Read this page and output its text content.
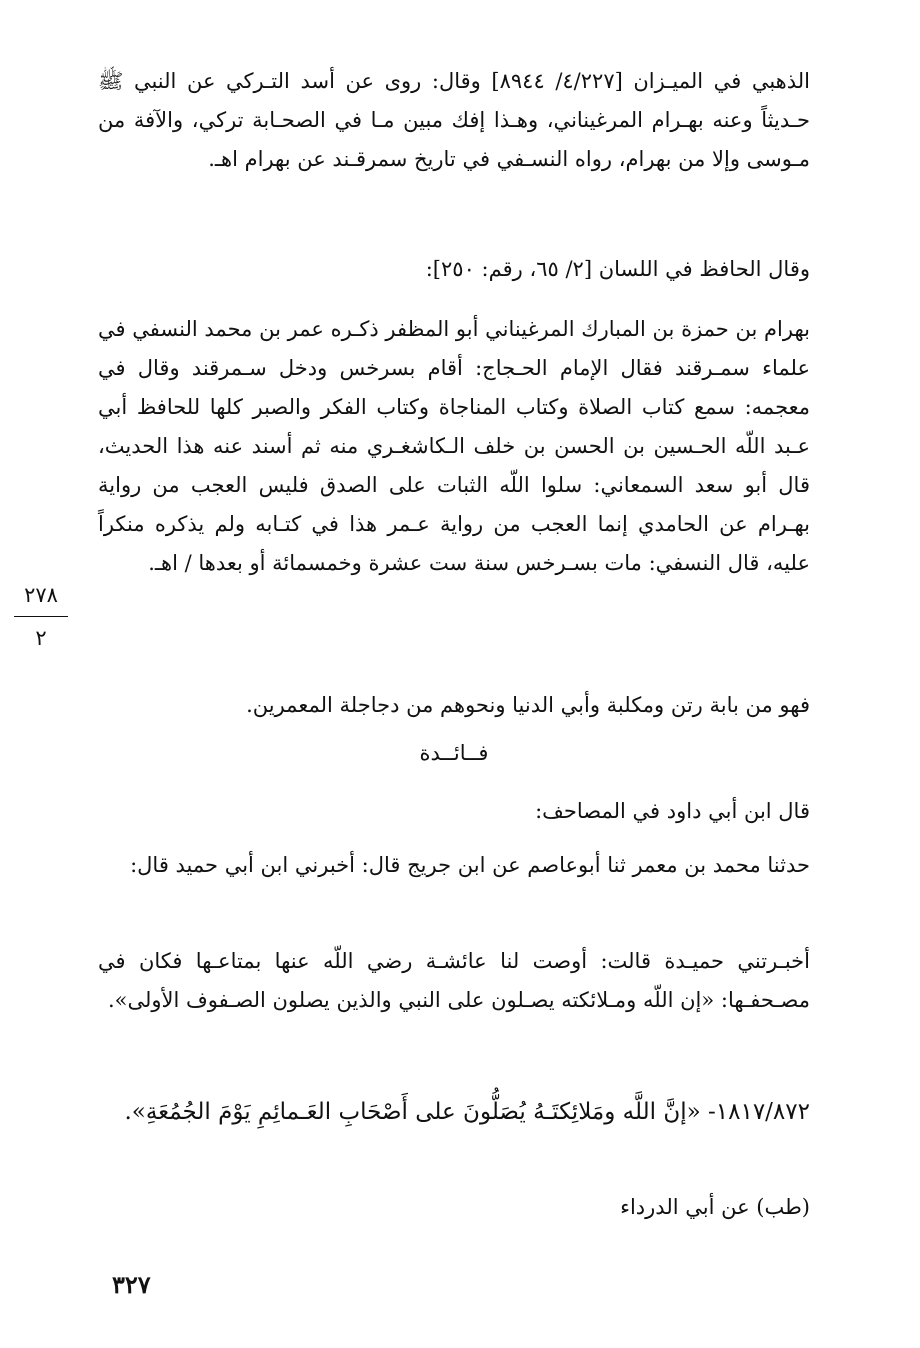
الذهبي في الميـزان [٤/٢٢٧/ ٨٩٤٤] وقال: روى عن أسد التـركي عن النبي ﷺ حـديثاً وعنه بهـرام المرغيناني، وهـذا إفك مبين مـا في الصحـابة تركي، والآفة من مـوسى وإلا من بهرام، رواه النسـفي في تاريخ سمرقـند عن بهرام اهـ.

وقال الحافظ في اللسان [٢/ ٦٥، رقم: ٢٥٠]:

بهرام بن حمزة بن المبارك المرغيناني أبو المظفر ذكـره عمر بن محمد النسفي في علماء سمـرقند فقال الإمام الحـجاج: أقام بسرخس ودخل سـمرقند وقال في معجمه: سمع كتاب الصلاة وكتاب المناجاة وكتاب الفكر والصبر كلها للحافظ أبي عـبد اللّه الحـسين بن الحسن بن خلف الـكاشغـري منه ثم أسند عنه هذا الحديث، قال أبو سعد السمعاني: سلوا اللّه الثبات على الصدق فليس العجب من رواية بهـرام عن الحامدي إنما العجب من رواية عـمر هذا في كتـابه ولم يذكره منكراً عليه، قال النسفي: مات بسـرخس سنة ست عشرة وخمسمائة أو بعدها / اهـ.

فهو من بابة رتن ومكلبة وأبي الدنيا ونحوهم من دجاجلة المعمرين.

فــائــدة

قال ابن أبي داود في المصاحف:

حدثنا محمد بن معمر ثنا أبوعاصم عن ابن جريج قال: أخبرني ابن أبي حميد قال:

أخبـرتني حميـدة قالت: أوصت لنا عائشـة رضي اللّه عنها بمتاعـها فكان في مصـحفـها: «إن اللّه ومـلائكته يصـلون على النبي والذين يصلون الصـفوف الأولى».

١٨١٧/٨٧٢- «إنَّ اللَّه ومَلائِكتَـهُ يُصَلُّونَ على أَصْحَابِ العَـمائِمِ يَوْمَ الجُمُعَةِ».

(طب) عن أبي الدرداء

٢٧٨
٢
٣٢٧
